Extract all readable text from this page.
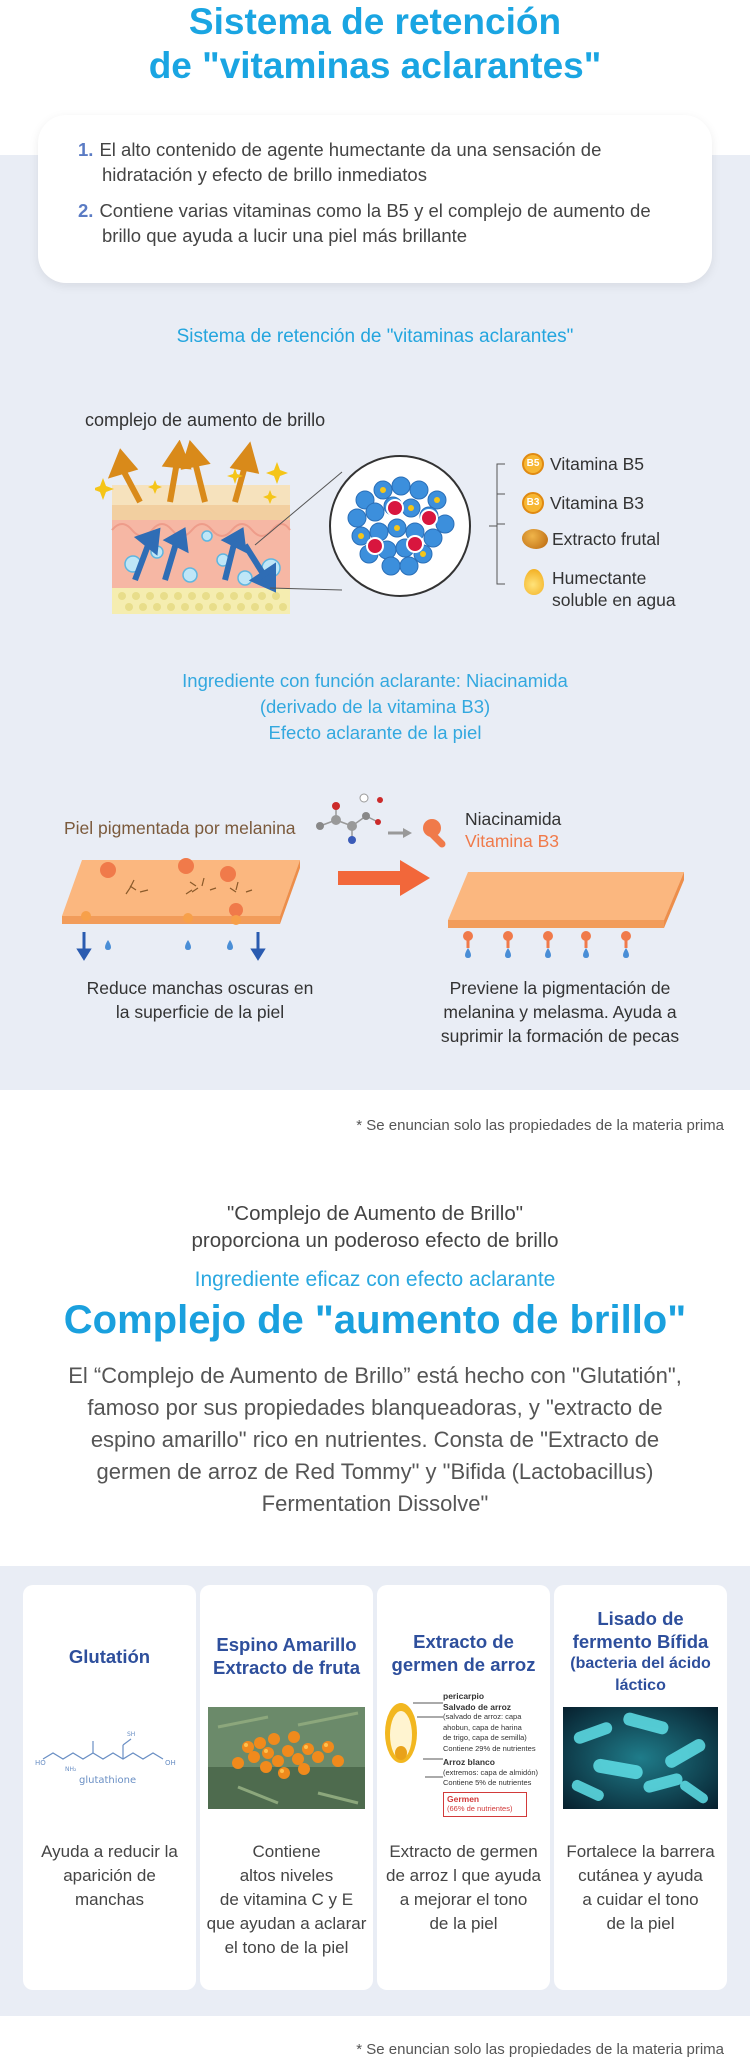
Sistema de retención
de "vitaminas aclarantes"
1. El alto contenido de agente humectante da una sensación de hidratación y efecto de brillo inmediatos
2. Contiene varias vitaminas como la B5 y el complejo de aumento de brillo que ayuda a lucir una piel más brillante
Sistema de retención de "vitaminas aclarantes"
complejo de aumento de brillo
B5 Vitamina B5
B3 Vitamina B3
Extracto frutal
Humectante
soluble en agua
Ingrediente con función aclarante: Niacinamida
(derivado de la vitamina B3)
Efecto aclarante de la piel
Piel pigmentada por melanina	Niacinamida
Vitamina B3
Reduce manchas oscuras en
la superficie de la piel
Previene la pigmentación de
melanina y melasma. Ayuda a
suprimir la formación de pecas
* Se enuncian solo las propiedades de la materia prima
"Complejo de Aumento de Brillo"
proporciona un poderoso efecto de brillo
Ingrediente eficaz con efecto aclarante
Complejo de "aumento de brillo"
El “Complejo de Aumento de Brillo” está hecho con "Glutatión",
famoso por sus propiedades blanqueadoras, y "extracto de
espino amarillo" rico en nutrientes. Consta de "Extracto de
germen de arroz de Red Tommy" y "Bifida (Lactobacillus)
Fermentation Dissolve"
Glutatión
HO
NH₂
SH
OH
glutathione
Ayuda a reducir la
aparición de
manchas
Espino Amarillo
Extracto de fruta
Contiene
altos niveles
de vitamina C y E
que ayudan a aclarar
el tono de la piel
Extracto de
germen de arroz
pericarpio
Salvado de arroz
(salvado de arroz: capa
ahobun, capa de harina
de trigo, capa de semilla)
Contiene 29% de nutrientes
Arroz blanco
(extremos: capa de almidón)
Contiene 5% de nutrientes
Germen
(66% de nutrientes)
Extracto de germen
de arroz l que ayuda
a mejorar el tono
de la piel
Lisado de
fermento Bífida
(bacteria del ácido
láctico
Fortalece la barrera
cutánea y ayuda
a cuidar el tono
de la piel
* Se enuncian solo las propiedades de la materia prima
